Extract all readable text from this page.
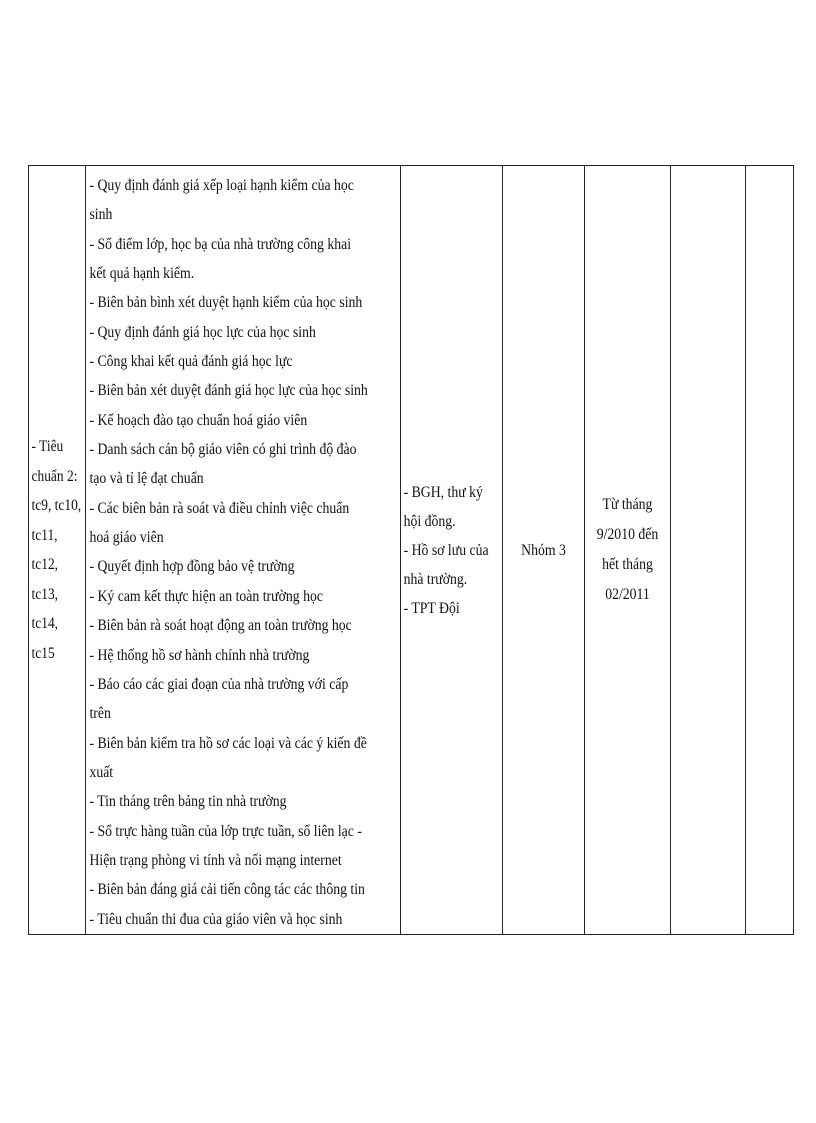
- Tiêu
chuẩn 2:
tc9, tc10,
tc11,
tc12,
tc13,
tc14,
tc15

- Quy định đánh giá xếp loại hạnh kiểm của học
sinh
- Sổ điểm lớp, học bạ của nhà trường công khai
kết quả hạnh kiểm.
- Biên bản bình xét duyệt hạnh kiểm của học sinh
- Quy định đánh giá học lực của học sinh
- Công khai kết quả đánh giá học lực
- Biên bản xét duyệt đánh giá học lực của học sinh
- Kế hoạch đào tạo chuẩn hoá giáo viên
- Danh sách cán bộ giáo viên có ghi trình độ đào
tạo và tỉ lệ đạt chuẩn
- Các biên bản rà soát và điều chỉnh việc chuẩn
hoá giáo viên
- Quyết định hợp đồng bảo vệ trường
- Ký cam kết thực hiện an toàn trường học
- Biên bản rà soát hoạt động an toàn trường học
- Hệ thống hồ sơ hành chính nhà trường
- Báo cáo các giai đoạn của nhà trường với cấp
trên
- Biên bản kiểm tra hồ sơ các loại và các ý kiến đề
xuất
- Tin tháng trên bảng tin nhà trường
- Sổ trực hàng tuần của lớp trực tuần, sổ liên lạc -
Hiện trạng phòng vi tính và nối mạng internet
- Biên bản đáng giá cải tiến công tác các thông tin
- Tiêu chuẩn thi đua của giáo viên và học sinh

- BGH, thư ký
hội đồng.
- Hồ sơ lưu của
nhà trường.
- TPT Đội

Nhóm 3

Từ tháng
9/2010 đến
hết tháng
02/2011
